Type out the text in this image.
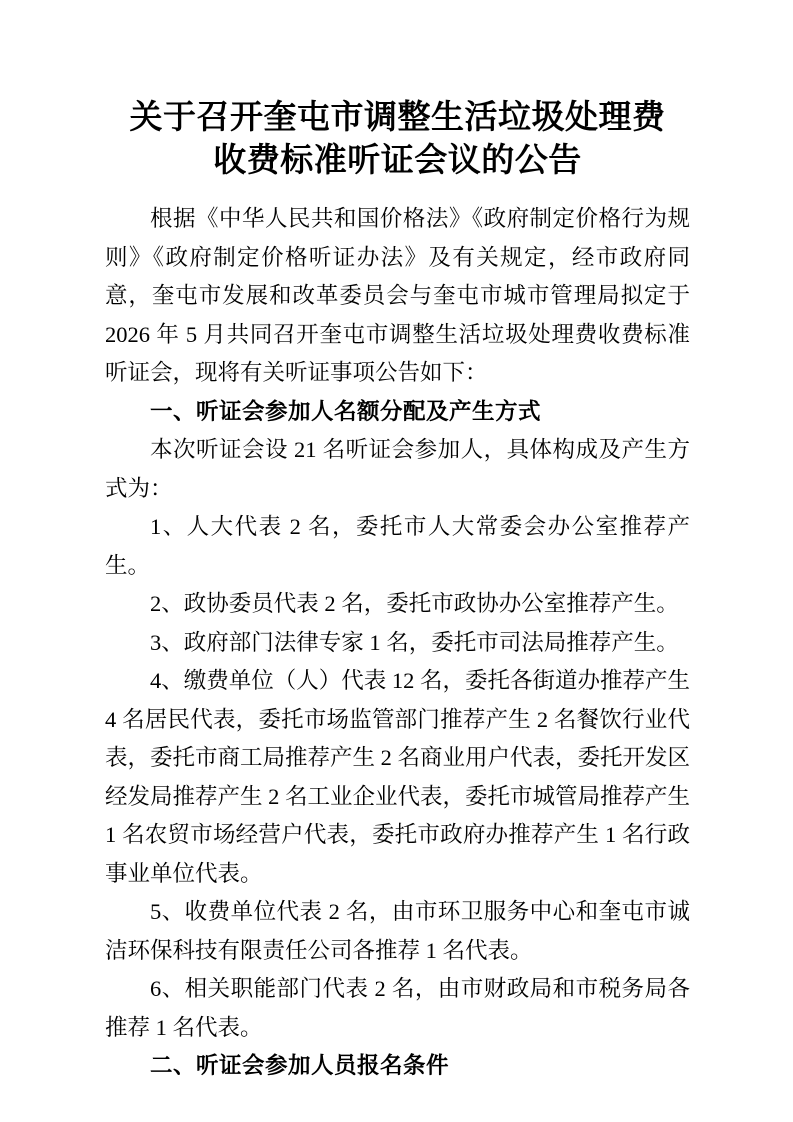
关于召开奎屯市调整生活垃圾处理费
收费标准听证会议的公告

根据《中华人民共和国价格法》《政府制定价格行为规则》《政府制定价格听证办法》及有关规定，经市政府同意，奎屯市发展和改革委员会与奎屯市城市管理局拟定于 2026 年 5 月共同召开奎屯市调整生活垃圾处理费收费标准听证会，现将有关听证事项公告如下：

一、听证会参加人名额分配及产生方式

本次听证会设 21 名听证会参加人，具体构成及产生方式为：

1、人大代表 2 名，委托市人大常委会办公室推荐产生。

2、政协委员代表 2 名，委托市政协办公室推荐产生。

3、政府部门法律专家 1 名，委托市司法局推荐产生。

4、缴费单位（人）代表 12 名，委托各街道办推荐产生 4 名居民代表，委托市场监管部门推荐产生 2 名餐饮行业代表，委托市商工局推荐产生 2 名商业用户代表，委托开发区经发局推荐产生 2 名工业企业代表，委托市城管局推荐产生 1 名农贸市场经营户代表，委托市政府办推荐产生 1 名行政事业单位代表。

5、收费单位代表 2 名，由市环卫服务中心和奎屯市诚洁环保科技有限责任公司各推荐 1 名代表。

6、相关职能部门代表 2 名，由市财政局和市税务局各推荐 1 名代表。

二、听证会参加人员报名条件
